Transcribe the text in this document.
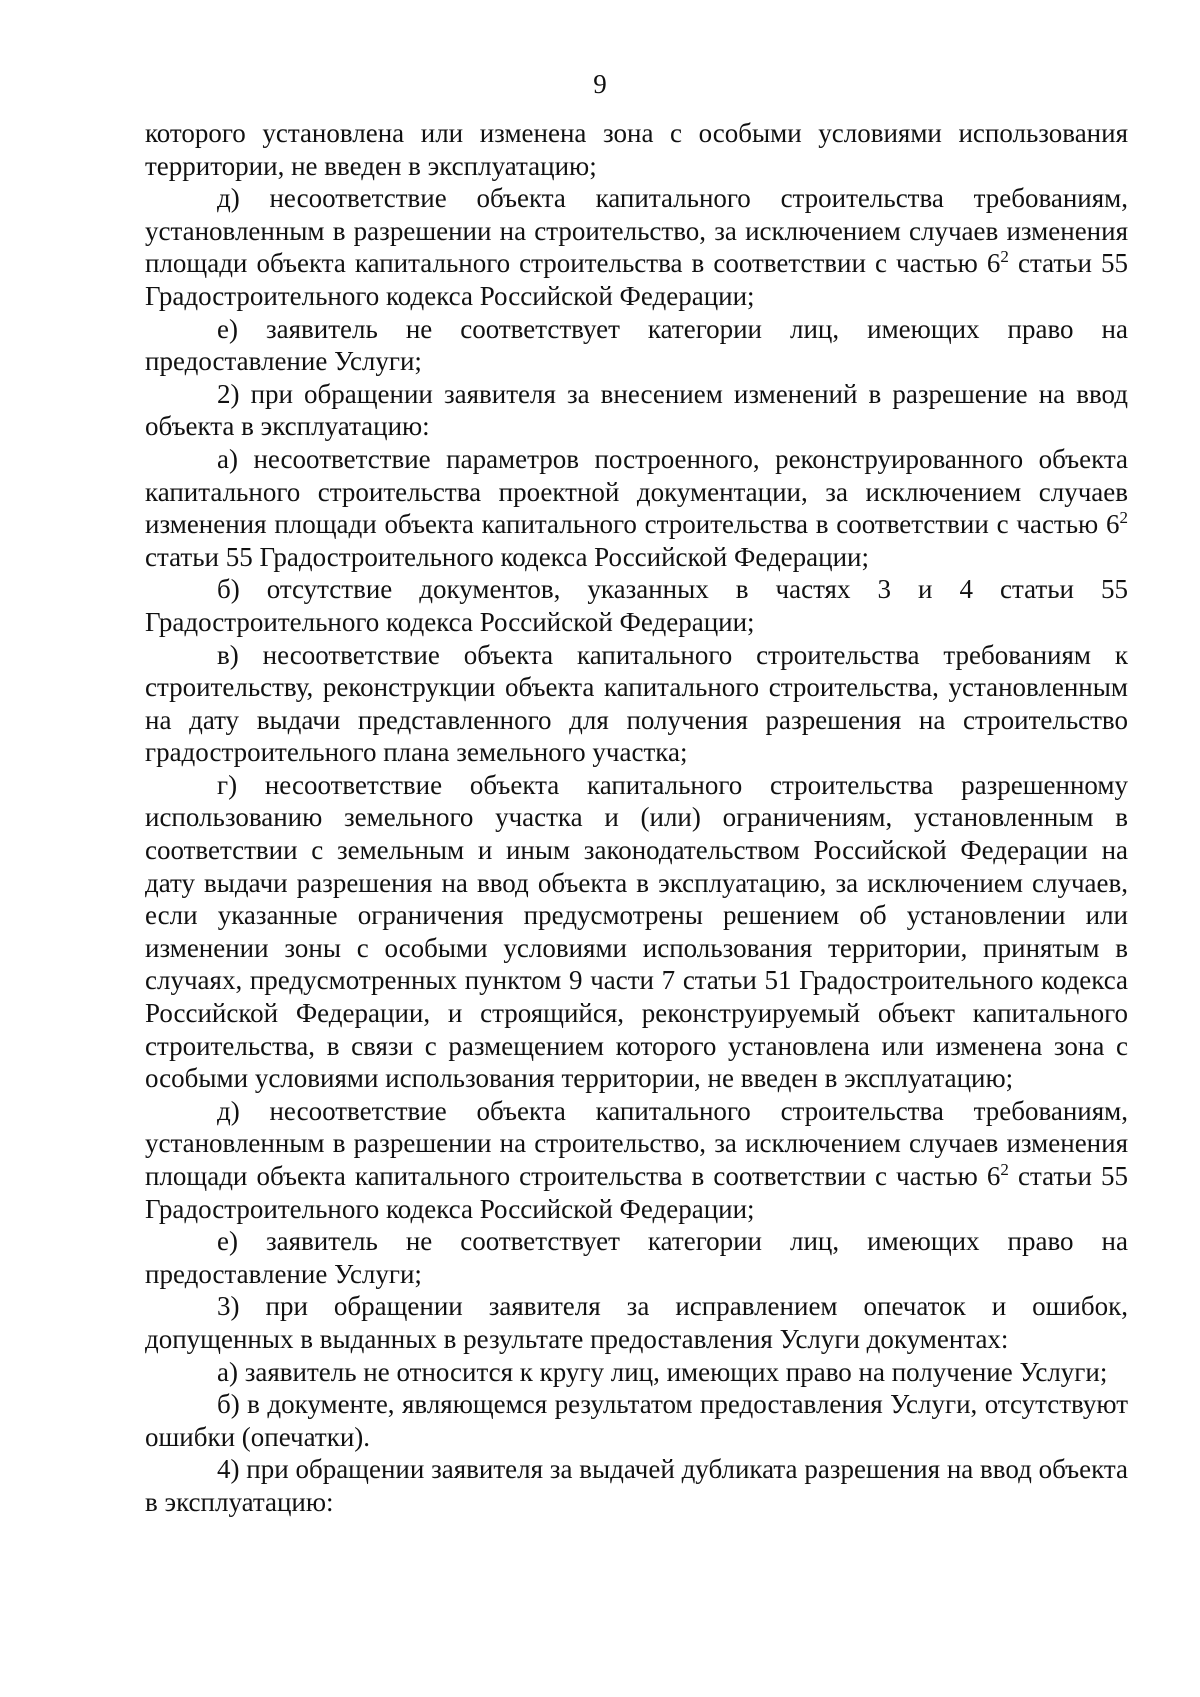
9

которого установлена или изменена зона с особыми условиями использования территории, не введен в эксплуатацию;

д) несоответствие объекта капитального строительства требованиям, установленным в разрешении на строительство, за исключением случаев изменения площади объекта капитального строительства в соответствии с частью $6^2$ статьи 55 Градостроительного кодекса Российской Федерации;

е) заявитель не соответствует категории лиц, имеющих право на предоставление Услуги;

2) при обращении заявителя за внесением изменений в разрешение на ввод объекта в эксплуатацию:

а) несоответствие параметров построенного, реконструированного объекта капитального строительства проектной документации, за исключением случаев изменения площади объекта капитального строительства в соответствии с частью $6^2$ статьи 55 Градостроительного кодекса Российской Федерации;

б) отсутствие документов, указанных в частях 3 и 4 статьи 55 Градостроительного кодекса Российской Федерации;

в) несоответствие объекта капитального строительства требованиям к строительству, реконструкции объекта капитального строительства, установленным на дату выдачи представленного для получения разрешения на строительство градостроительного плана земельного участка;

г) несоответствие объекта капитального строительства разрешенному использованию земельного участка и (или) ограничениям, установленным в соответствии с земельным и иным законодательством Российской Федерации на дату выдачи разрешения на ввод объекта в эксплуатацию, за исключением случаев, если указанные ограничения предусмотрены решением об установлении или изменении зоны с особыми условиями использования территории, принятым в случаях, предусмотренных пунктом 9 части 7 статьи 51 Градостроительного кодекса Российской Федерации, и строящийся, реконструируемый объект капитального строительства, в связи с размещением которого установлена или изменена зона с особыми условиями использования территории, не введен в эксплуатацию;

д) несоответствие объекта капитального строительства требованиям, установленным в разрешении на строительство, за исключением случаев изменения площади объекта капитального строительства в соответствии с частью $6^2$ статьи 55 Градостроительного кодекса Российской Федерации;

е) заявитель не соответствует категории лиц, имеющих право на предоставление Услуги;

3) при обращении заявителя за исправлением опечаток и ошибок, допущенных в выданных в результате предоставления Услуги документах:

а) заявитель не относится к кругу лиц, имеющих право на получение Услуги;

б) в документе, являющемся результатом предоставления Услуги, отсутствуют ошибки (опечатки).

4) при обращении заявителя за выдачей дубликата разрешения на ввод объекта в эксплуатацию:
